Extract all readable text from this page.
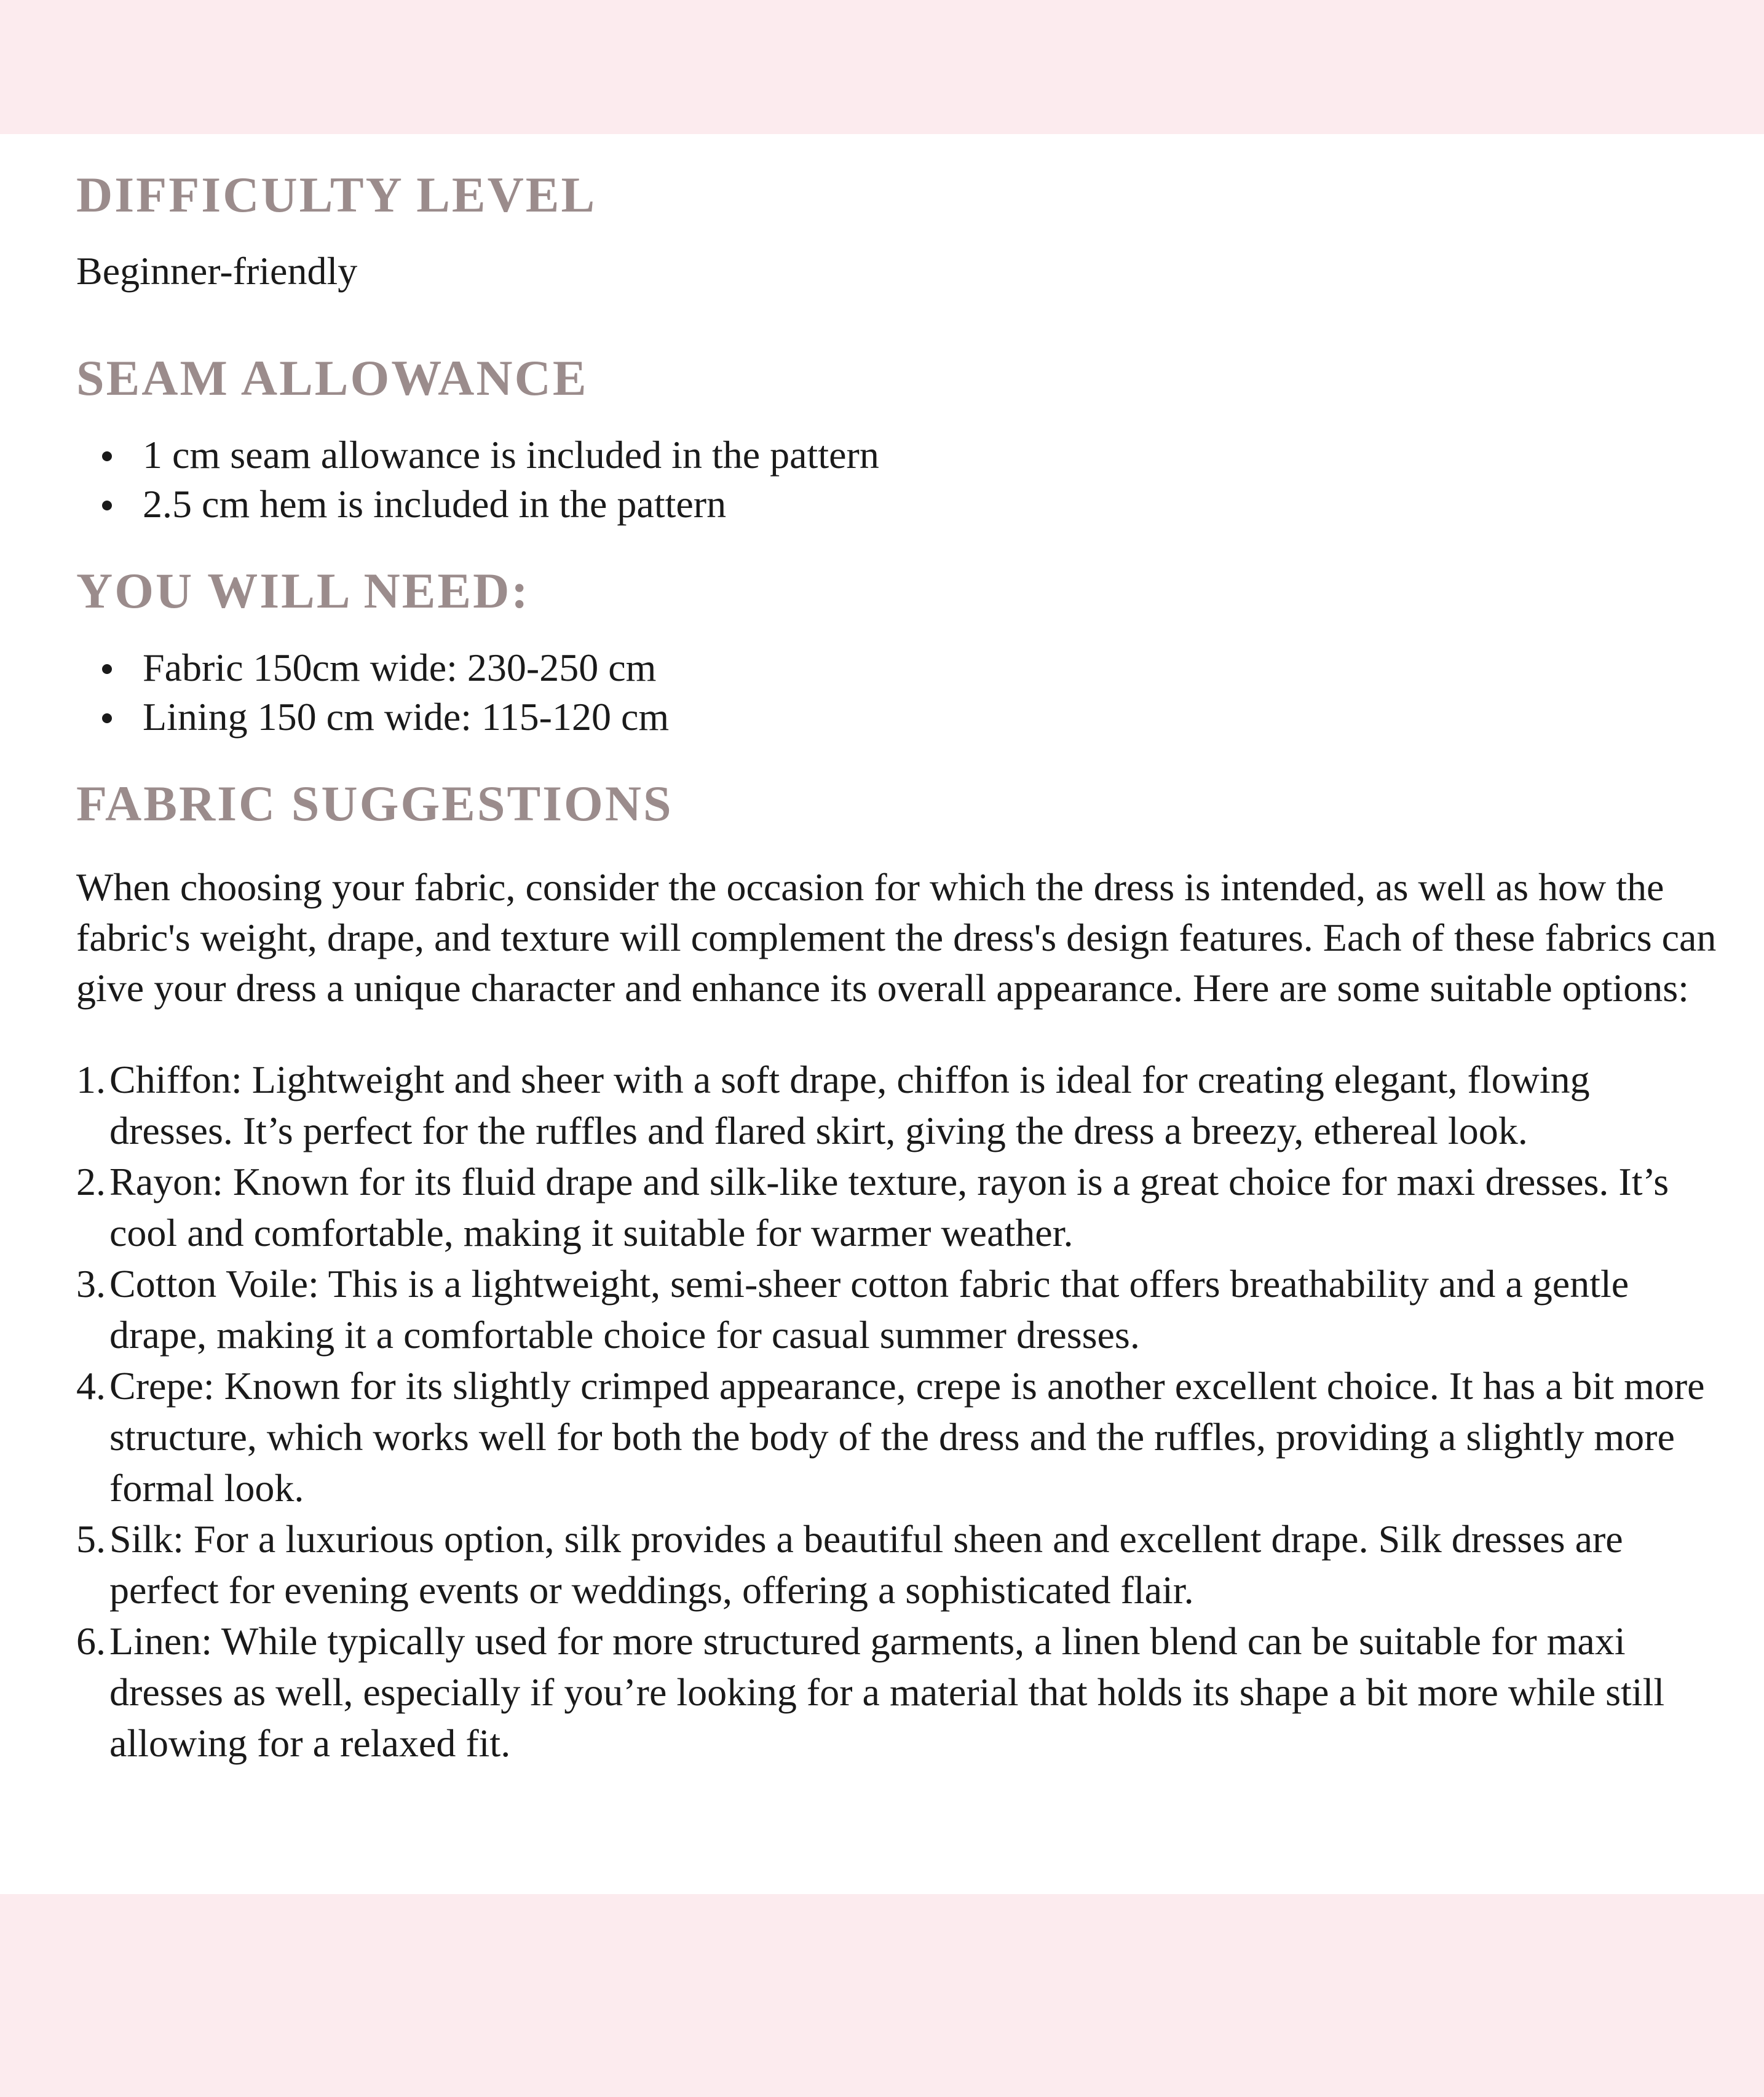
DIFFICULTY LEVEL

Beginner-friendly

SEAM ALLOWANCE
1 cm seam allowance is included in the pattern
2.5 cm hem is included in the pattern
YOU WILL NEED:
Fabric 150cm wide: 230-250 cm
Lining 150 cm wide: 115-120 cm
FABRIC SUGGESTIONS

When choosing your fabric, consider the occasion for which the dress is intended, as well as how the fabric's weight, drape, and texture will complement the dress's design features. Each of these fabrics can give your dress a unique character and enhance its overall appearance. Here are some suitable options:

1. Chiffon: Lightweight and sheer with a soft drape, chiffon is ideal for creating elegant, flowing dresses. It’s perfect for the ruffles and flared skirt, giving the dress a breezy, ethereal look.
2. Rayon: Known for its fluid drape and silk-like texture, rayon is a great choice for maxi dresses. It’s cool and comfortable, making it suitable for warmer weather.
3. Cotton Voile: This is a lightweight, semi-sheer cotton fabric that offers breathability and a gentle drape, making it a comfortable choice for casual summer dresses.
4. Crepe: Known for its slightly crimped appearance, crepe is another excellent choice. It has a bit more structure, which works well for both the body of the dress and the ruffles, providing a slightly more formal look.
5. Silk: For a luxurious option, silk provides a beautiful sheen and excellent drape. Silk dresses are perfect for evening events or weddings, offering a sophisticated flair.
6. Linen: While typically used for more structured garments, a linen blend can be suitable for maxi dresses as well, especially if you’re looking for a material that holds its shape a bit more while still allowing for a relaxed fit.
